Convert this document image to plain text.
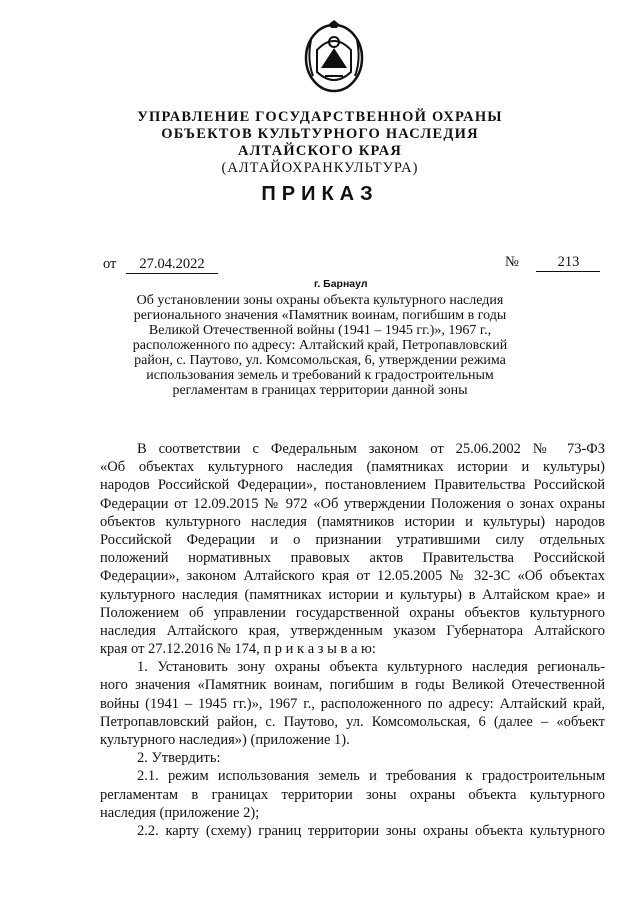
УПРАВЛЕНИЕ ГОСУДАРСТВЕННОЙ ОХРАНЫ
ОБЪЕКТОВ КУЛЬТУРНОГО НАСЛЕДИЯ
АЛТАЙСКОГО КРАЯ
(АЛТАЙОХРАНКУЛЬТУРА)
ПРИКАЗ
от 27.04.2022	№	213
г. Барнаул
Об установлении зоны охраны объекта культурного наследия
регионального значения «Памятник воинам, погибшим в годы
Великой Отечественной войны (1941 – 1945 гг.)», 1967 г.,
расположенного по адресу: Алтайский край, Петропавловский
район, с. Паутово, ул. Комсомольская, 6, утверждении режима
использования земель и требований к градостроительным
регламентам в границах территории данной зоны
В соответствии с Федеральным законом от 25.06.2002 № 73-ФЗ
«Об объектах культурного наследия (памятниках истории и культуры)
народов Российской Федерации», постановлением Правительства Российской
Федерации от 12.09.2015 № 972 «Об утверждении Положения о зонах охраны
объектов культурного наследия (памятников истории и культуры) народов
Российской Федерации и о признании утратившими силу отдельных
положений нормативных правовых актов Правительства Российской
Федерации», законом Алтайского края от 12.05.2005 № 32-ЗС «Об объектах
культурного наследия (памятниках истории и культуры) в Алтайском крае» и
Положением об управлении государственной охраны объектов культурного
наследия Алтайского края, утвержденным указом Губернатора Алтайского
края от 27.12.2016 № 174, п р и к а з ы в а ю:
1. Установить зону охраны объекта культурного наследия региональ-
ного значения «Памятник воинам, погибшим в годы Великой Отечественной
войны (1941 – 1945 гг.)», 1967 г., расположенного по адресу: Алтайский край,
Петропавловский район, с. Паутово, ул. Комсомольская, 6 (далее – «объект
культурного наследия») (приложение 1).
2. Утвердить:
2.1. режим использования земель и требования к градостроительным
регламентам в границах территории зоны охраны объекта культурного
наследия (приложение 2);
2.2. карту (схему) границ территории зоны охраны объекта культурного
